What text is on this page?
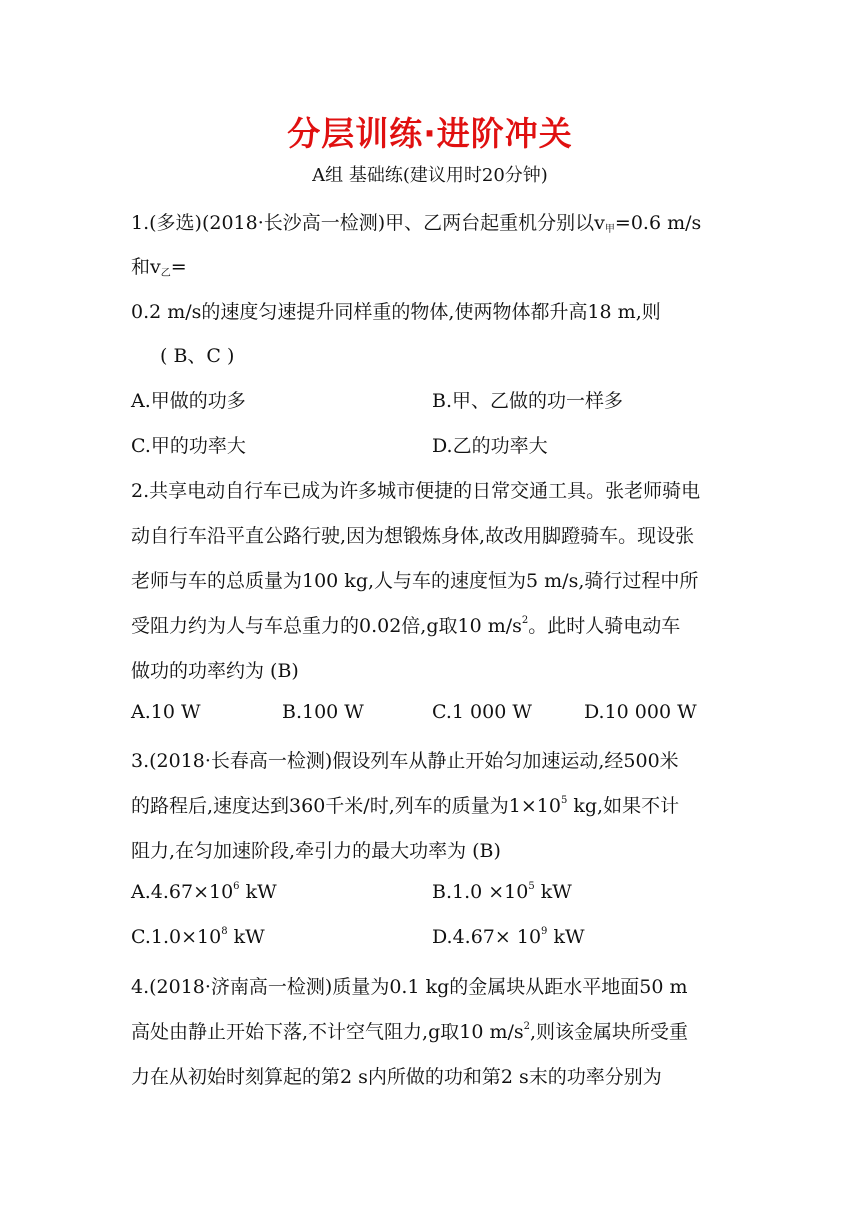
分层训练·进阶冲关
A组 基础练(建议用时20分钟)
1.(多选)(2018·长沙高一检测)甲、乙两台起重机分别以$v_甲=0.6$ m/s
和$v_乙=$
0.2 m/s的速度匀速提升同样重的物体,使两物体都升高18 m,则
( B、C )
A.甲做的功多	B.甲、乙做的功一样多
C.甲的功率大	D.乙的功率大
2.共享电动自行车已成为许多城市便捷的日常交通工具。张老师骑电
动自行车沿平直公路行驶,因为想锻炼身体,故改用脚蹬骑车。现设张
老师与车的总质量为100 kg,人与车的速度恒为5 m/s,骑行过程中所
受阻力约为人与车总重力的0.02倍,g取10 $m/s^2$。此时人骑电动车
做功的功率约为 (B)
A.10 W	B.100 W	C.1 000 W	D.10 000 W
3.(2018·长春高一检测)假设列车从静止开始匀加速运动,经500米
的路程后,速度达到360千米/时,列车的质量为$1\times 10^5$ kg,如果不计
阻力,在匀加速阶段,牵引力的最大功率为 (B)
$A.4.67\times 10^6$ kW	$B.1.0 \times 10^5$ kW
$C.1.0\times 10^8$ kW	$D.4.67\times 10^9$ kW
4.(2018·济南高一检测)质量为0.1 kg的金属块从距水平地面50 m
高处由静止开始下落,不计空气阻力,g取10 $m/s^2$,则该金属块所受重
力在从初始时刻算起的第2 s内所做的功和第2 s末的功率分别为
